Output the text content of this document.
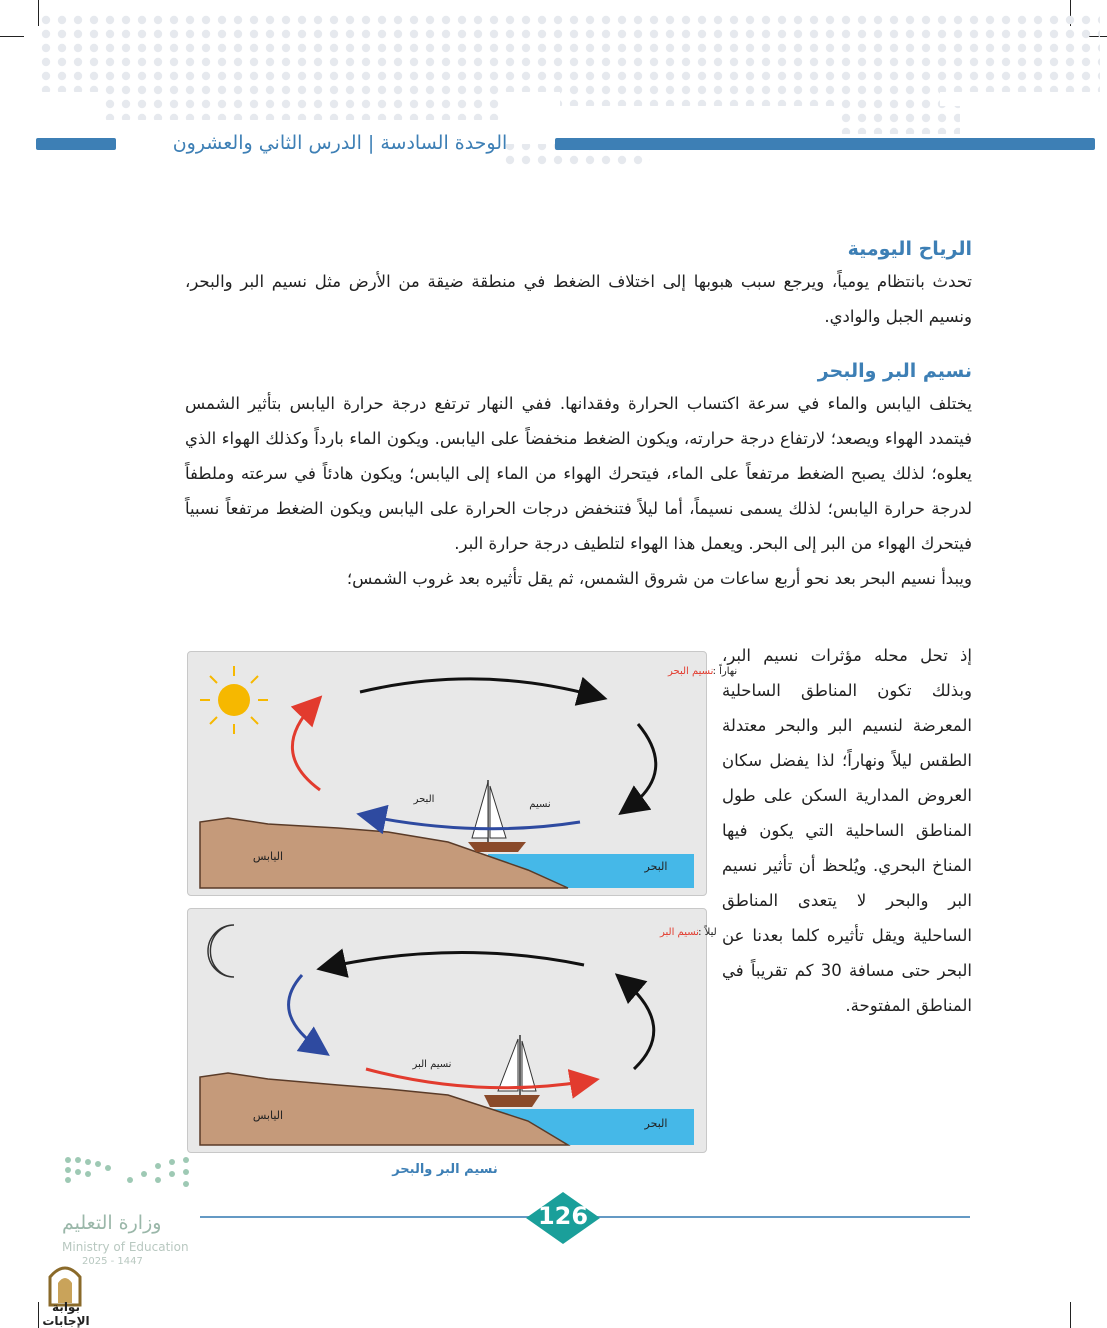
الوحدة السادسة | الدرس الثاني والعشرون
الرياح اليومية

تحدث بانتظام يومياً، ويرجع سبب هبوبها إلى اختلاف الضغط في منطقة ضيقة من الأرض مثل نسيم البر والبحر، ونسيم الجبل والوادي.

نسيم البر والبحر

يختلف اليابس والماء في سرعة اكتساب الحرارة وفقدانها. ففي النهار ترتفع درجة حرارة اليابس بتأثير الشمس فيتمدد الهواء ويصعد؛ لارتفاع درجة حرارته، ويكون الضغط منخفضاً على اليابس. ويكون الماء بارداً وكذلك الهواء الذي يعلوه؛ لذلك يصبح الضغط مرتفعاً على الماء، فيتحرك الهواء من الماء إلى اليابس؛ ويكون هادئاً في سرعته وملطفاً لدرجة حرارة اليابس؛ لذلك يسمى نسيماً، أما ليلاً فتنخفض درجات الحرارة على اليابس ويكون الضغط مرتفعاً نسبياً فيتحرك الهواء من البر إلى البحر. ويعمل هذا الهواء لتلطيف درجة حرارة البر.

ويبدأ نسيم البحر بعد نحو أربع ساعات من شروق الشمس، ثم يقل تأثيره بعد غروب الشمس؛

إذ تحل محله مؤثرات نسيم البر، وبذلك تكون المناطق الساحلية المعرضة لنسيم البر والبحر معتدلة الطقس ليلاً ونهاراً؛ لذا يفضل سكان العروض المدارية السكن على طول المناطق الساحلية التي يكون فيها المناخ البحري. ويُلحظ أن تأثير نسيم البر والبحر لا يتعدى المناطق الساحلية ويقل تأثيره كلما بعدنا عن البحر حتى مسافة 30 كم تقريباً في المناطق المفتوحة.
نهاراً : نسيم البحر
نسيم
البحر
اليابس
البحر
ليلاً : نسيم البر
نسيم البر
اليابس
البحر
نسيم البر والبحر
126
وزارة التعليم
Ministry of Education
2025 - 1447
بوابة الإجابات
